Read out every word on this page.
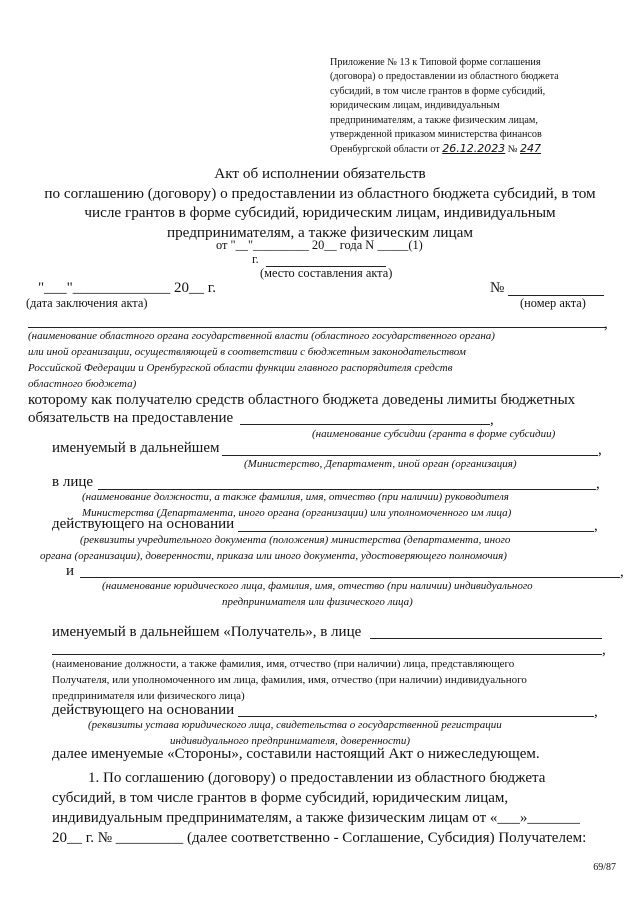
Приложение № 13 к Типовой форме соглашения
(договора) о предоставлении из областного бюджета
субсидий, в том числе грантов в форме субсидий,
юридическим лицам, индивидуальным
предпринимателям, а также физическим лицам,
утвержденной приказом министерства финансов
Оренбургской области от 26.12.2023 № 247
Акт об исполнении обязательств
по соглашению (договору) о предоставлении из областного бюджета субсидий, в том
числе грантов в форме субсидий, юридическим лицам, индивидуальным
предпринимателям, а также физическим лицам
от "__"_________ 20__ года N _____(1)
г.
(место составления акта)
"___"_____________ 20__ г.
(дата заключения акта)
№
(номер акта)
,
(наименование областного органа государственной власти (областного государственного органа)
или иной организации, осуществляющей в соответствии с бюджетным законодательством
Российской Федерации и Оренбургской области функции главного распорядителя средств
областного бюджета)
которому как получателю средств областного бюджета доведены лимиты бюджетных
обязательств на предоставление	,
(наименование субсидии (гранта в форме субсидии)
именуемый в дальнейшем	,
(Министерство, Департамент, иной орган (организация)
в лице	,
(наименование должности, а также фамилия, имя, отчество (при наличии) руководителя
Министерства (Департамента, иного органа (организации) или уполномоченного им лица)
действующего на основании	,
(реквизиты учредительного документа (положения) министерства (департамента, иного
органа (организации), доверенности, приказа или иного документа, удостоверяющего полномочия)
и	,
(наименование юридического лица, фамилия, имя, отчество (при наличии) индивидуального
предпринимателя или физического лица)
именуемый в дальнейшем «Получатель», в лице
,
(наименование должности, а также фамилия, имя, отчество (при наличии) лица, представляющего
Получателя, или уполномоченного им лица, фамилия, имя, отчество (при наличии) индивидуального
предпринимателя или физического лица)
действующего на основании	,
(реквизиты устава юридического лица, свидетельства о государственной регистрации
индивидуального предпринимателя, доверенности)
далее именуемые «Стороны», составили настоящий Акт о нижеследующем.
1. По соглашению (договору) о предоставлении из областного бюджета
субсидий, в том числе грантов в форме субсидий, юридическим лицам,
индивидуальным предпринимателям, а также физическим лицам от «___»_______
20__ г. № _________ (далее соответственно - Соглашение, Субсидия) Получателем:
69/87
